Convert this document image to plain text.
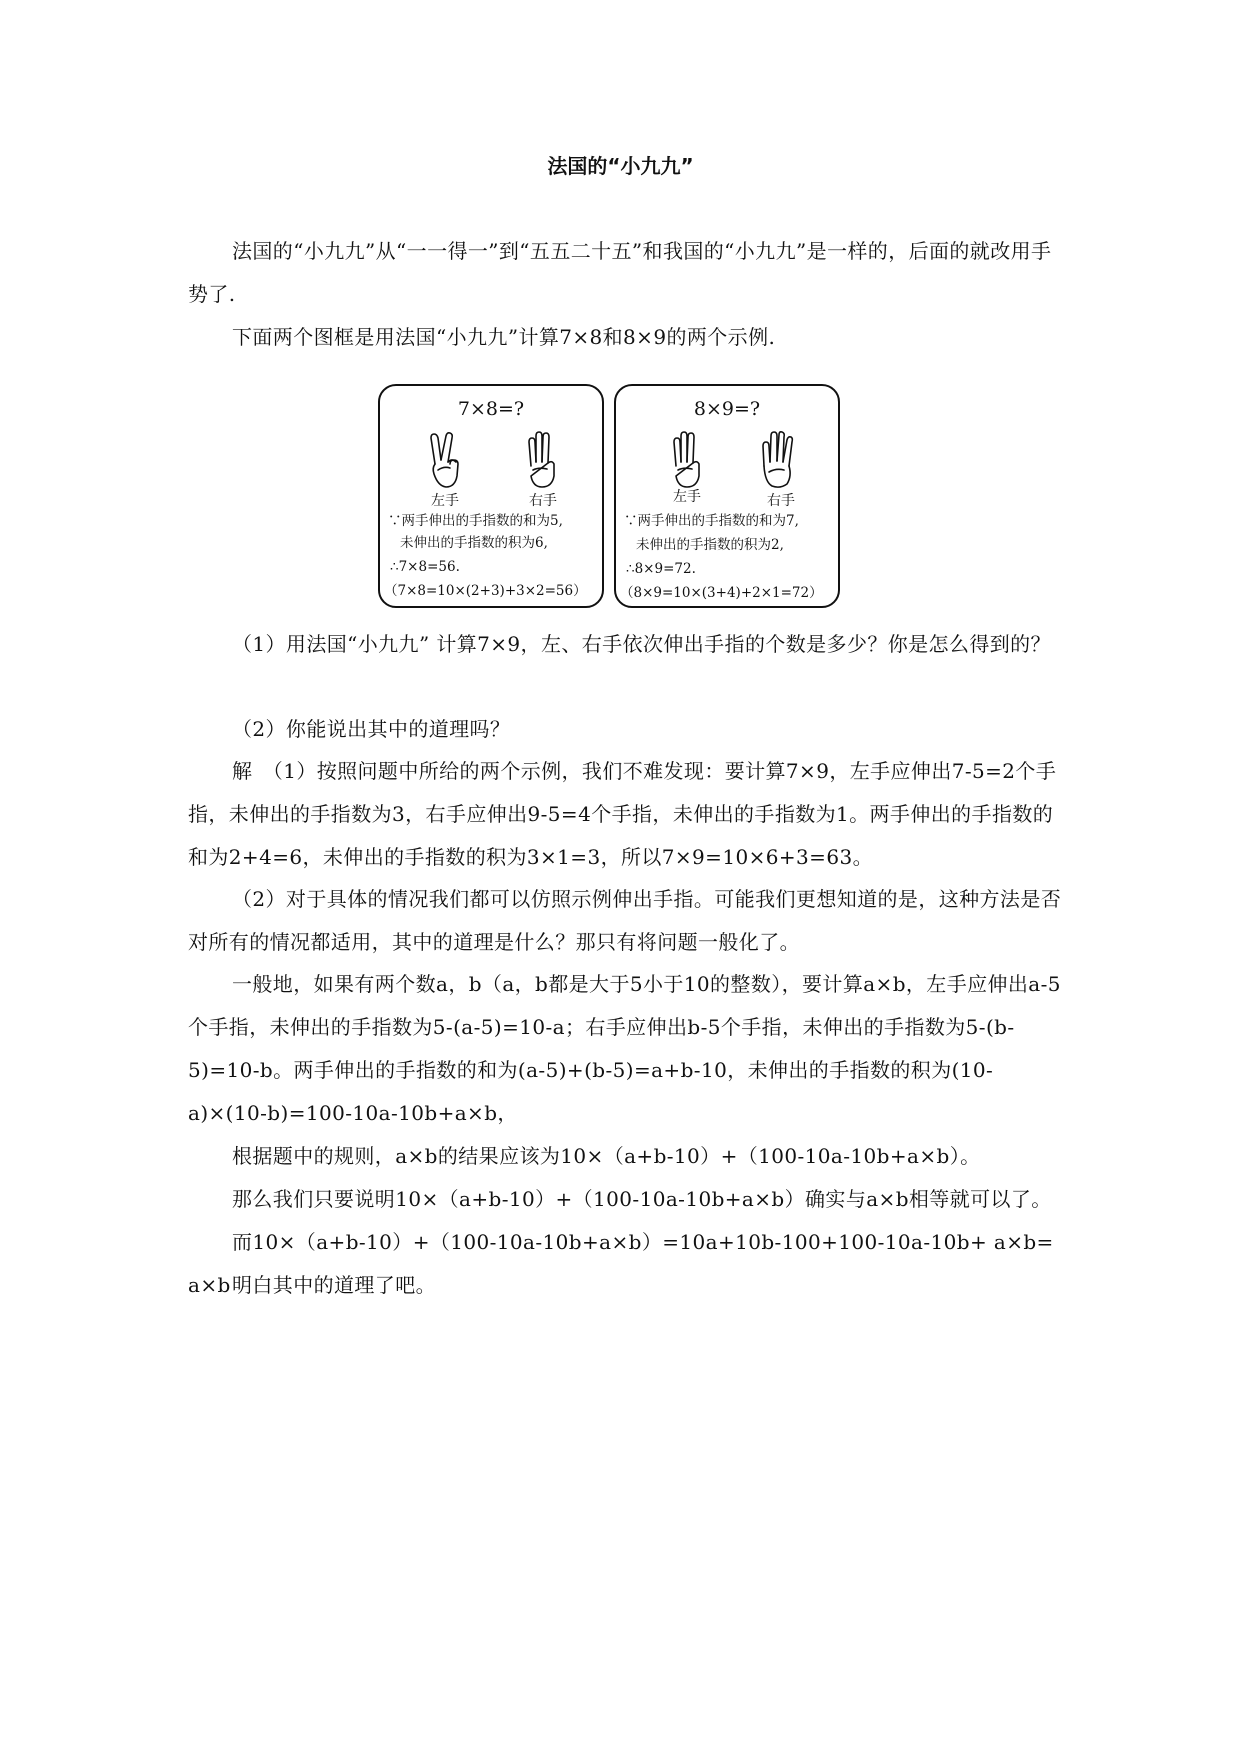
法国的“小九九”

法国的“小九九”从“一一得一”到“五五二十五”和我国的“小九九”是一样的，后面的就改用手势了.

下面两个图框是用法国“小九九”计算7×8和8×9的两个示例.

7×8=?
左手	右手
∵两手伸出的手指数的和为5,
未伸出的手指数的积为6,
∴7×8=56.
（7×8=10×(2+3)+3×2=56）
8×9=?
左手	右手
∵两手伸出的手指数的和为7,
未伸出的手指数的积为2,
∴8×9=72.
（8×9=10×(3+4)+2×1=72）

（1）用法国“小九九” 计算7×9，左、右手依次伸出手指的个数是多少？你是怎么得到的？

（2）你能说出其中的道理吗？

解　（1）按照问题中所给的两个示例，我们不难发现：要计算7×9，左手应伸出7-5=2个手指，未伸出的手指数为3，右手应伸出9-5=4个手指，未伸出的手指数为1。两手伸出的手指数的和为2+4=6，未伸出的手指数的积为3×1=3，所以7×9=10×6+3=63。

（2）对于具体的情况我们都可以仿照示例伸出手指。可能我们更想知道的是，这种方法是否对所有的情况都适用，其中的道理是什么？那只有将问题一般化了。

一般地，如果有两个数a，b（a，b都是大于5小于10的整数），要计算a×b，左手应伸出a-5个手指，未伸出的手指数为5-(a-5)=10-a；右手应伸出b-5个手指，未伸出的手指数为5-(b-5)=10-b。两手伸出的手指数的和为(a-5)+(b-5)=a+b-10，未伸出的手指数的积为(10-a)×(10-b)=100-10a-10b+a×b，

根据题中的规则，a×b的结果应该为10×（a+b-10）+（100-10a-10b+a×b）。

那么我们只要说明10×（a+b-10）+（100-10a-10b+a×b）确实与a×b相等就可以了。

而10×（a+b-10）+（100-10a-10b+a×b）=10a+10b-100+100-10a-10b+ a×b= a×b 明白其中的道理了吧。
